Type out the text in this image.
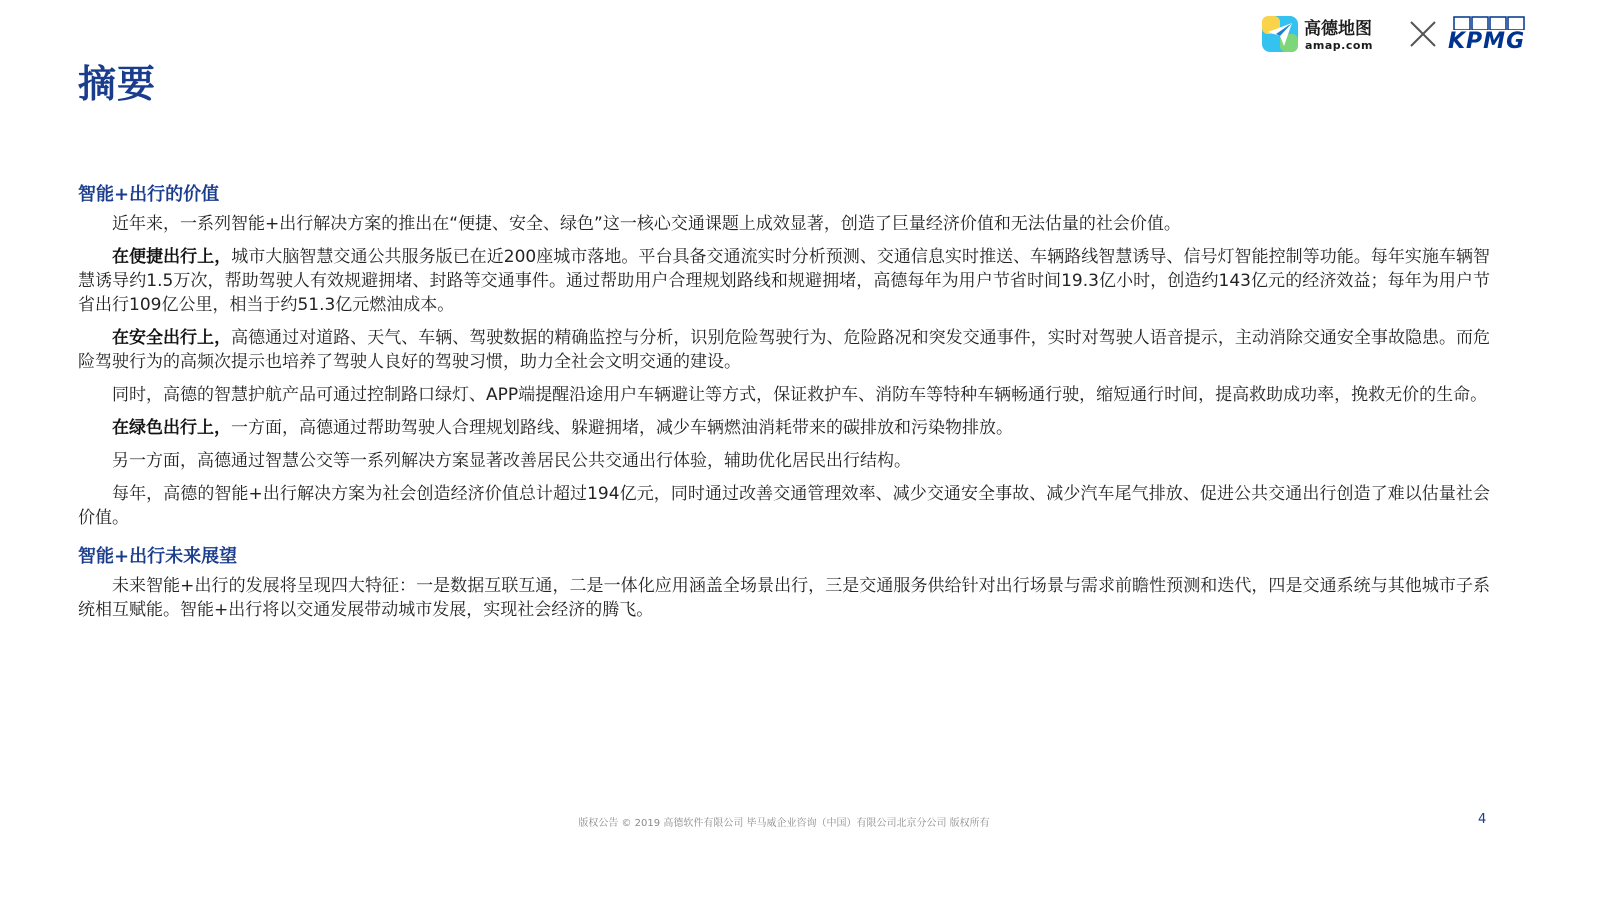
摘要
高德地图
amap.com	KPMG
智能+出行的价值

近年来，一系列智能+出行解决方案的推出在“便捷、安全、绿色”这一核心交通课题上成效显著，创造了巨量经济价值和无法估量的社会价值。

在便捷出行上，城市大脑智慧交通公共服务版已在近200座城市落地。平台具备交通流实时分析预测、交通信息实时推送、车辆路线智慧诱导、信号灯智能控制等功能。每年实施车辆智慧诱导约1.5万次，帮助驾驶人有效规避拥堵、封路等交通事件。通过帮助用户合理规划路线和规避拥堵，高德每年为用户节省时间19.3亿小时，创造约143亿元的经济效益；每年为用户节省出行109亿公里，相当于约51.3亿元燃油成本。

在安全出行上，高德通过对道路、天气、车辆、驾驶数据的精确监控与分析，识别危险驾驶行为、危险路况和突发交通事件，实时对驾驶人语音提示，主动消除交通安全事故隐患。而危险驾驶行为的高频次提示也培养了驾驶人良好的驾驶习惯，助力全社会文明交通的建设。

同时，高德的智慧护航产品可通过控制路口绿灯、APP端提醒沿途用户车辆避让等方式，保证救护车、消防车等特种车辆畅通行驶，缩短通行时间，提高救助成功率，挽救无价的生命。

在绿色出行上，一方面，高德通过帮助驾驶人合理规划路线、躲避拥堵，减少车辆燃油消耗带来的碳排放和污染物排放。

另一方面，高德通过智慧公交等一系列解决方案显著改善居民公共交通出行体验，辅助优化居民出行结构。

每年，高德的智能+出行解决方案为社会创造经济价值总计超过194亿元，同时通过改善交通管理效率、减少交通安全事故、减少汽车尾气排放、促进公共交通出行创造了难以估量社会价值。

智能+出行未来展望

未来智能+出行的发展将呈现四大特征：一是数据互联互通，二是一体化应用涵盖全场景出行，三是交通服务供给针对出行场景与需求前瞻性预测和迭代，四是交通系统与其他城市子系统相互赋能。智能+出行将以交通发展带动城市发展，实现社会经济的腾飞。

版权公告 © 2019 高德软件有限公司 毕马威企业咨询（中国）有限公司北京分公司 版权所有	4
